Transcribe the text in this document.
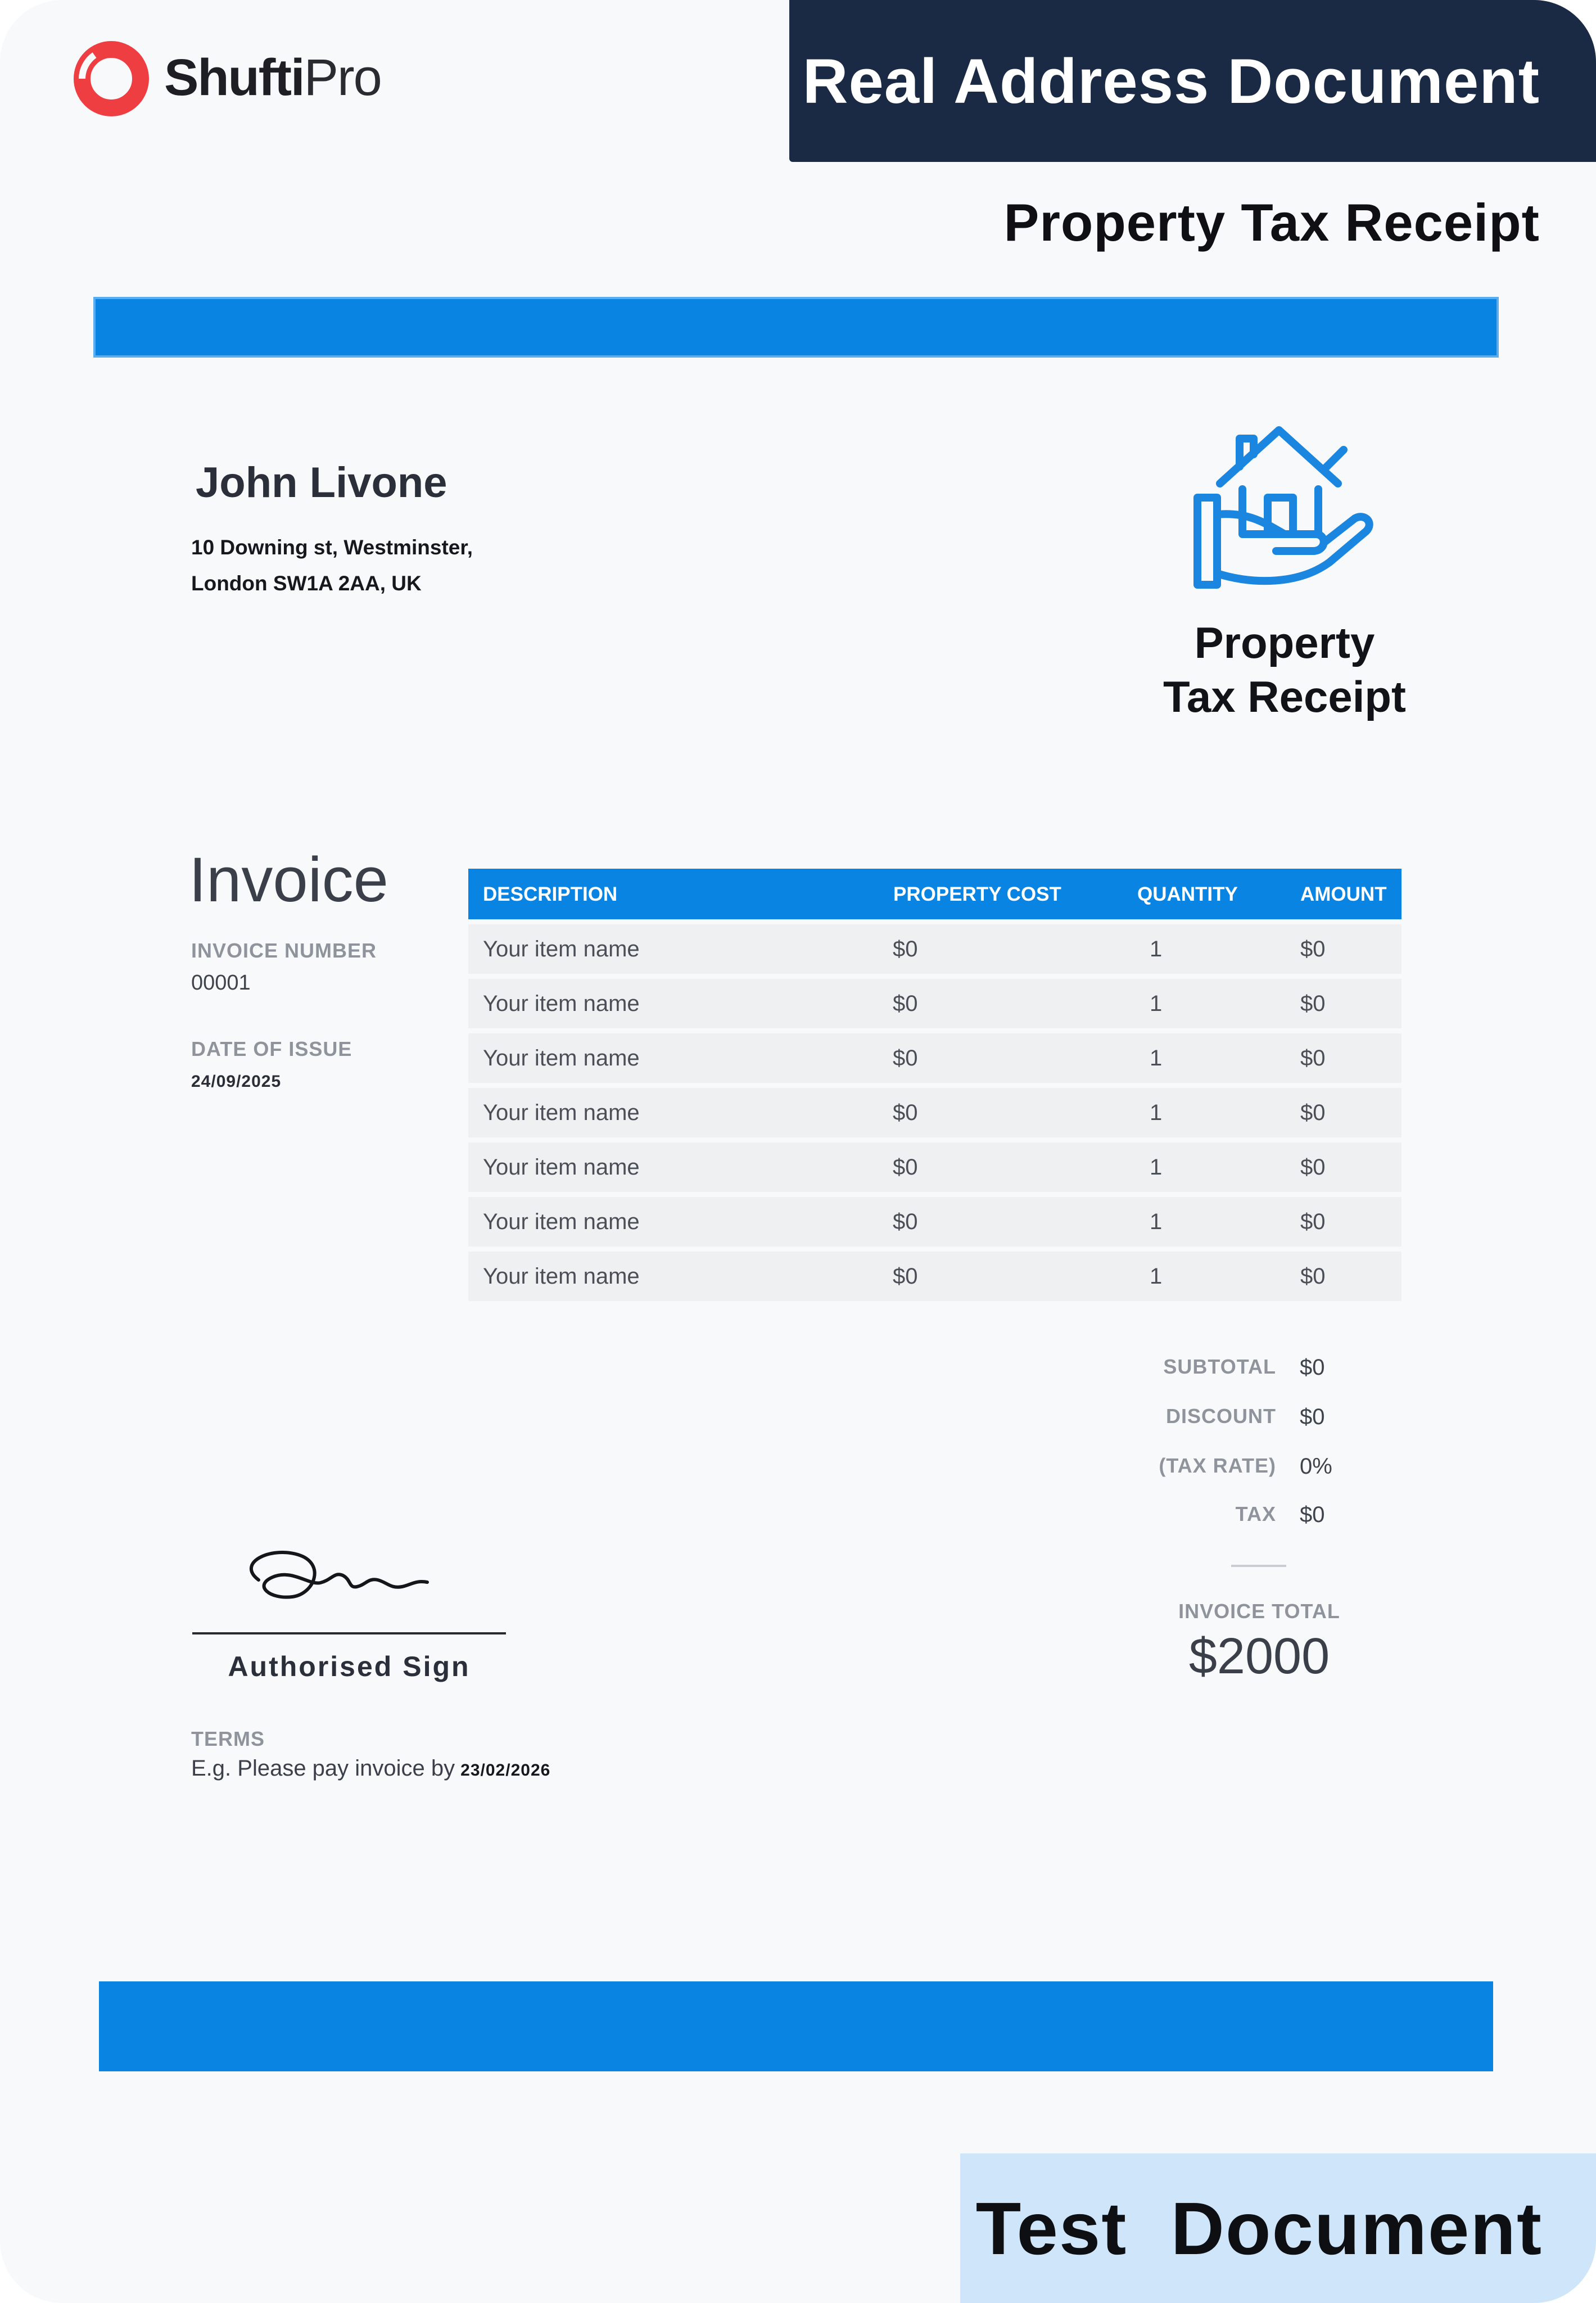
ShuftiPro	Real Address Document
Property Tax Receipt
John Livone
10 Downing st, Westminster,
London SW1A 2AA, UK
Property
Tax Receipt
Invoice
INVOICE NUMBER
00001
DATE OF ISSUE
24/09/2025
DESCRIPTION	PROPERTY COST	QUANTITY	AMOUNT
Your item name	$0	1	$0
Your item name	$0	1	$0
Your item name	$0	1	$0
Your item name	$0	1	$0
Your item name	$0	1	$0
Your item name	$0	1	$0
Your item name	$0	1	$0
SUBTOTAL $0
DISCOUNT $0
(TAX RATE) 0%
TAX $0
INVOICE TOTAL
$2000
Authorised Sign
TERMS
E.g. Please pay invoice by 23/02/2026
Test  Document
